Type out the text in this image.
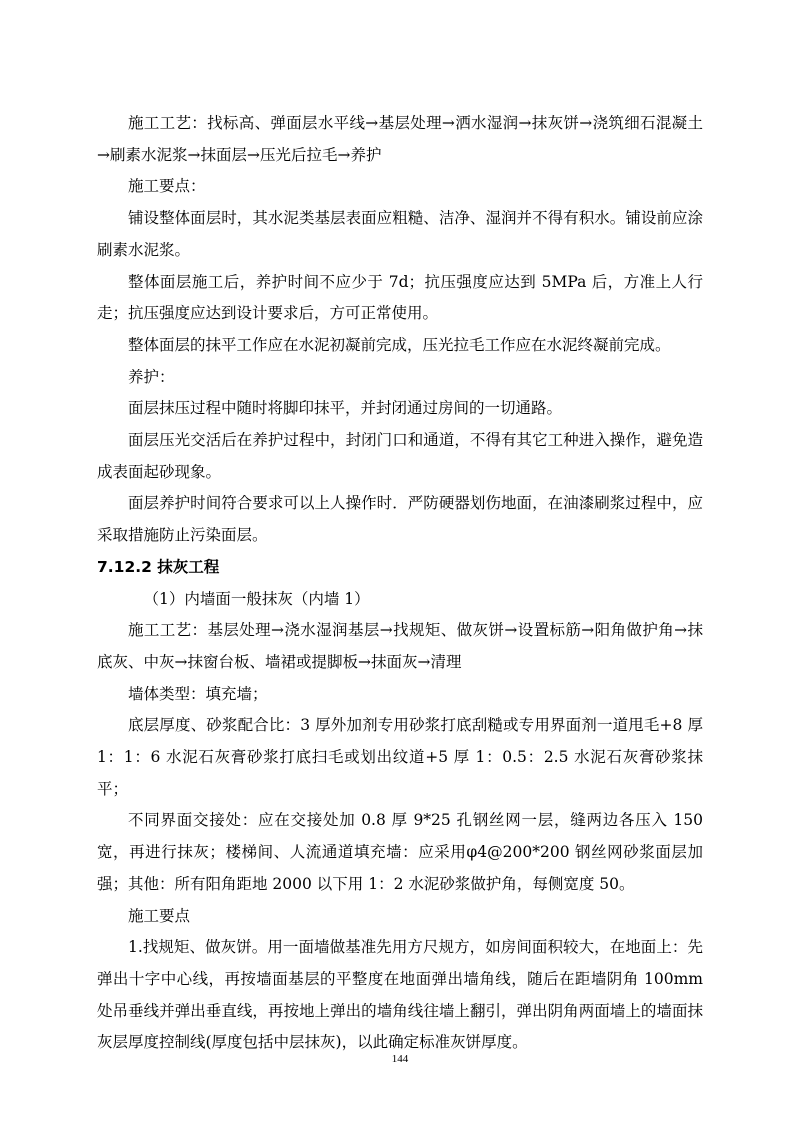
施工工艺：找标高、弹面层水平线→基层处理→洒水湿润→抹灰饼→浇筑细石混凝土→刷素水泥浆→抹面层→压光后拉毛→养护

施工要点：

铺设整体面层时，其水泥类基层表面应粗糙、洁净、湿润并不得有积水。铺设前应涂刷素水泥浆。

整体面层施工后，养护时间不应少于 7d；抗压强度应达到 5MPa 后，方准上人行走；抗压强度应达到设计要求后，方可正常使用。

整体面层的抹平工作应在水泥初凝前完成，压光拉毛工作应在水泥终凝前完成。

养护：

面层抹压过程中随时将脚印抹平，并封闭通过房间的一切通路。

面层压光交活后在养护过程中，封闭门口和通道，不得有其它工种进入操作，避免造成表面起砂现象。

面层养护时间符合要求可以上人操作时．严防硬器划伤地面，在油漆刷浆过程中，应采取措施防止污染面层。

7.12.2 抹灰工程

（1）内墙面一般抹灰（内墙 1）

施工工艺：基层处理→浇水湿润基层→找规矩、做灰饼→设置标筋→阳角做护角→抹底灰、中灰→抹窗台板、墙裙或提脚板→抹面灰→清理

墙体类型：填充墙；

底层厚度、砂浆配合比：3 厚外加剂专用砂浆打底刮糙或专用界面剂一道甩毛+8 厚 1：1：6 水泥石灰膏砂浆打底扫毛或划出纹道+5 厚 1：0.5：2.5 水泥石灰膏砂浆抹平；

不同界面交接处：应在交接处加 0.8 厚 9*25 孔钢丝网一层，缝两边各压入 150 宽，再进行抹灰；楼梯间、人流通道填充墙：应采用φ4@200*200 钢丝网砂浆面层加强；其他：所有阳角距地 2000 以下用 1：2 水泥砂浆做护角，每侧宽度 50。

施工要点

1.找规矩、做灰饼。用一面墙做基准先用方尺规方，如房间面积较大，在地面上：先弹出十字中心线，再按墙面基层的平整度在地面弹出墙角线，随后在距墙阴角 100mm 处吊垂线并弹出垂直线，再按地上弹出的墙角线往墙上翻引，弹出阴角两面墙上的墙面抹灰层厚度控制线(厚度包括中层抹灰)，以此确定标准灰饼厚度。

144
